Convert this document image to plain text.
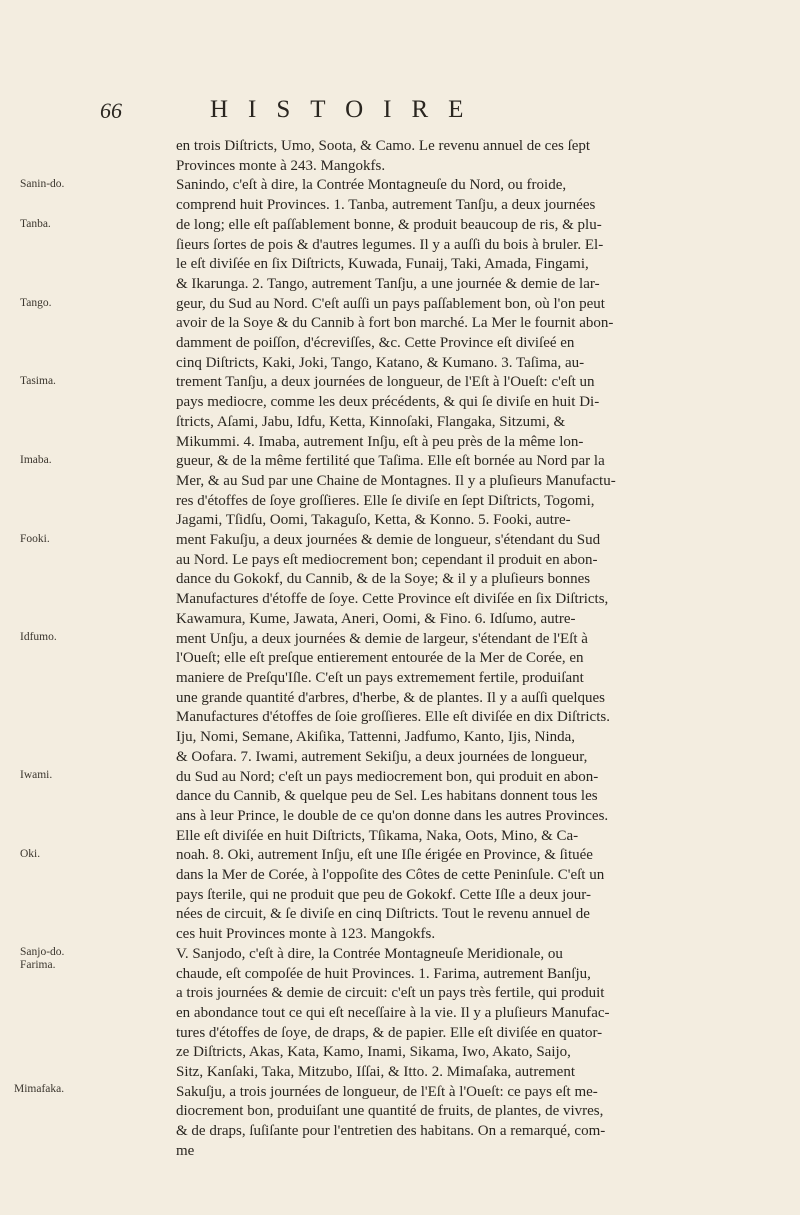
66	HISTOIRE
Sanin-do.
Tanba.
Tango.
Tasima.
Imaba.
Fooki.
Idfumo.
Iwami.
Oki.
Sanjo-do. Farima.
Mimafaka.
en trois Diſtricts, Umo, Soota, & Camo. Le revenu annuel de ces ſept
Provinces monte à 243. Mangokfs.
Sanindo, c'eſt à dire, la Contrée Montagneuſe du Nord, ou froide,
comprend huit Provinces. 1. Tanba, autrement Tanſju, a deux journées
de long; elle eſt paſſablement bonne, & produit beaucoup de ris, & plu-
ſieurs ſortes de pois & d'autres legumes. Il y a auſſi du bois à bruler. El-
le eſt diviſée en ſix Diſtricts, Kuwada, Funaij, Taki, Amada, Fingami,
& Ikarunga. 2. Tango, autrement Tanſju, a une journée & demie de lar-
geur, du Sud au Nord. C'eſt auſſi un pays paſſablement bon, où l'on peut
avoir de la Soye & du Cannib à fort bon marché. La Mer le fournit abon-
damment de poiſſon, d'écreviſſes, &c. Cette Province eſt diviſeé en
cinq Diſtricts, Kaki, Joki, Tango, Katano, & Kumano. 3. Taſima, au-
trement Tanſju, a deux journées de longueur, de l'Eſt à l'Oueſt: c'eſt un
pays mediocre, comme les deux précédents, & qui ſe diviſe en huit Di-
ſtricts, Aſami, Jabu, Idfu, Ketta, Kinnoſaki, Flangaka, Sitzumi, &
Mikummi. 4. Imaba, autrement Inſju, eſt à peu près de la même lon-
gueur, & de la même fertilité que Taſima. Elle eſt bornée au Nord par la
Mer, & au Sud par une Chaine de Montagnes. Il y a pluſieurs Manufactu-
res d'étoffes de ſoye groſſieres. Elle ſe diviſe en ſept Diſtricts, Togomi,
Jagami, Tſidſu, Oomi, Takaguſo, Ketta, & Konno. 5. Fooki, autre-
ment Fakuſju, a deux journées & demie de longueur, s'étendant du Sud
au Nord. Le pays eſt mediocrement bon; cependant il produit en abon-
dance du Gokokf, du Cannib, & de la Soye; & il y a pluſieurs bonnes
Manufactures d'étoffe de ſoye. Cette Province eſt diviſée en ſix Diſtricts,
Kawamura, Kume, Jawata, Aneri, Oomi, & Fino. 6. Idſumo, autre-
ment Unſju, a deux journées & demie de largeur, s'étendant de l'Eſt à
l'Oueſt; elle eſt preſque entierement entourée de la Mer de Corée, en
maniere de Preſqu'Iſle. C'eſt un pays extremement fertile, produiſant
une grande quantité d'arbres, d'herbe, & de plantes. Il y a auſſi quelques
Manufactures d'étoffes de ſoie groſſieres. Elle eſt diviſée en dix Diſtricts.
Iju, Nomi, Semane, Akiſika, Tattenni, Jadfumo, Kanto, Ijis, Ninda,
& Oofara. 7. Iwami, autrement Sekiſju, a deux journées de longueur,
du Sud au Nord; c'eſt un pays mediocrement bon, qui produit en abon-
dance du Cannib, & quelque peu de Sel. Les habitans donnent tous les
ans à leur Prince, le double de ce qu'on donne dans les autres Provinces.
Elle eſt diviſée en huit Diſtricts, Tſikama, Naka, Oots, Mino, & Ca-
noah. 8. Oki, autrement Inſju, eſt une Iſle érigée en Province, & ſituée
dans la Mer de Corée, à l'oppoſite des Côtes de cette Peninſule. C'eſt un
pays ſterile, qui ne produit que peu de Gokokf. Cette Iſle a deux jour-
nées de circuit, & ſe diviſe en cinq Diſtricts. Tout le revenu annuel de
ces huit Provinces monte à 123. Mangokfs.
V. Sanjodo, c'eſt à dire, la Contrée Montagneuſe Meridionale, ou
chaude, eſt compoſée de huit Provinces. 1. Farima, autrement Banſju,
a trois journées & demie de circuit: c'eſt un pays très fertile, qui produit
en abondance tout ce qui eſt neceſſaire à la vie. Il y a pluſieurs Manufac-
tures d'étoffes de ſoye, de draps, & de papier. Elle eſt diviſée en quator-
ze Diſtricts, Akas, Kata, Kamo, Inami, Sikama, Iwo, Akato, Saijo,
Sitz, Kanſaki, Taka, Mitzubo, Iſſai, & Itto. 2. Mimaſaka, autrement
Sakuſju, a trois journées de longueur, de l'Eſt à l'Oueſt: ce pays eſt me-
diocrement bon, produiſant une quantité de fruits, de plantes, de vivres,
& de draps, ſuſiſante pour l'entretien des habitans. On a remarqué, com-
me
